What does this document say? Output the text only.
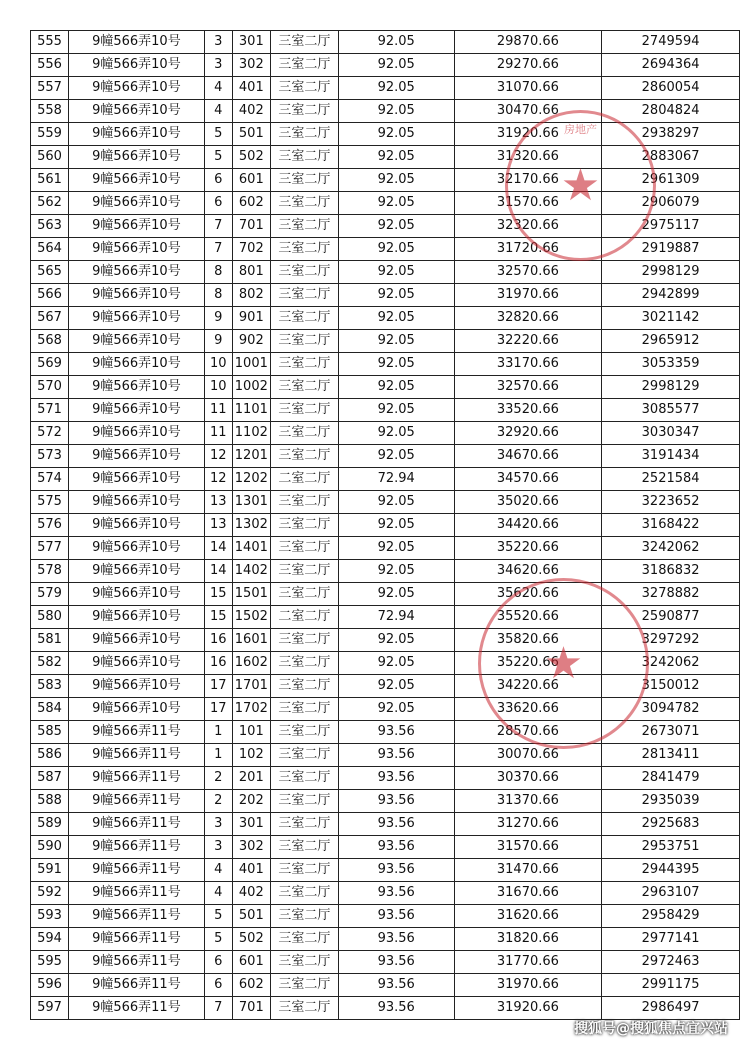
555	9幢566弄10号	3	301	三室二厅	92.05	29870.66	2749594
556	9幢566弄10号	3	302	三室二厅	92.05	29270.66	2694364
557	9幢566弄10号	4	401	三室二厅	92.05	31070.66	2860054
558	9幢566弄10号	4	402	三室二厅	92.05	30470.66	2804824
559	9幢566弄10号	5	501	三室二厅	92.05	31920.66	2938297
560	9幢566弄10号	5	502	三室二厅	92.05	31320.66	2883067
561	9幢566弄10号	6	601	三室二厅	92.05	32170.66	2961309
562	9幢566弄10号	6	602	三室二厅	92.05	31570.66	2906079
563	9幢566弄10号	7	701	三室二厅	92.05	32320.66	2975117
564	9幢566弄10号	7	702	三室二厅	92.05	31720.66	2919887
565	9幢566弄10号	8	801	三室二厅	92.05	32570.66	2998129
566	9幢566弄10号	8	802	三室二厅	92.05	31970.66	2942899
567	9幢566弄10号	9	901	三室二厅	92.05	32820.66	3021142
568	9幢566弄10号	9	902	三室二厅	92.05	32220.66	2965912
569	9幢566弄10号	10	1001	三室二厅	92.05	33170.66	3053359
570	9幢566弄10号	10	1002	三室二厅	92.05	32570.66	2998129
571	9幢566弄10号	11	1101	三室二厅	92.05	33520.66	3085577
572	9幢566弄10号	11	1102	三室二厅	92.05	32920.66	3030347
573	9幢566弄10号	12	1201	三室二厅	92.05	34670.66	3191434
574	9幢566弄10号	12	1202	二室二厅	72.94	34570.66	2521584
575	9幢566弄10号	13	1301	三室二厅	92.05	35020.66	3223652
576	9幢566弄10号	13	1302	三室二厅	92.05	34420.66	3168422
577	9幢566弄10号	14	1401	三室二厅	92.05	35220.66	3242062
578	9幢566弄10号	14	1402	三室二厅	92.05	34620.66	3186832
579	9幢566弄10号	15	1501	三室二厅	92.05	35620.66	3278882
580	9幢566弄10号	15	1502	二室二厅	72.94	35520.66	2590877
581	9幢566弄10号	16	1601	三室二厅	92.05	35820.66	3297292
582	9幢566弄10号	16	1602	三室二厅	92.05	35220.66	3242062
583	9幢566弄10号	17	1701	三室二厅	92.05	34220.66	3150012
584	9幢566弄10号	17	1702	三室二厅	92.05	33620.66	3094782
585	9幢566弄11号	1	101	三室二厅	93.56	28570.66	2673071
586	9幢566弄11号	1	102	三室二厅	93.56	30070.66	2813411
587	9幢566弄11号	2	201	三室二厅	93.56	30370.66	2841479
588	9幢566弄11号	2	202	三室二厅	93.56	31370.66	2935039
589	9幢566弄11号	3	301	三室二厅	93.56	31270.66	2925683
590	9幢566弄11号	3	302	三室二厅	93.56	31570.66	2953751
591	9幢566弄11号	4	401	三室二厅	93.56	31470.66	2944395
592	9幢566弄11号	4	402	三室二厅	93.56	31670.66	2963107
593	9幢566弄11号	5	501	三室二厅	93.56	31620.66	2958429
594	9幢566弄11号	5	502	三室二厅	93.56	31820.66	2977141
595	9幢566弄11号	6	601	三室二厅	93.56	31770.66	2972463
596	9幢566弄11号	6	602	三室二厅	93.56	31970.66	2991175
597	9幢566弄11号	7	701	三室二厅	93.56	31920.66	2986497
房地产
★
★
搜狐号@搜狐焦点宜兴站
